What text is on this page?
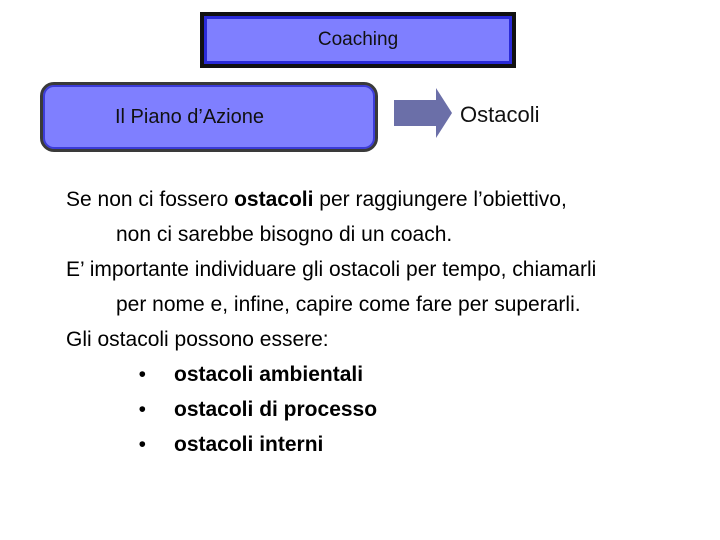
Coaching
Il Piano d’Azione	Ostacoli
Se non ci fossero ostacoli per raggiungere l’obiettivo,
non ci sarebbe bisogno di un coach.
E’ importante individuare gli ostacoli per tempo, chiamarli
per nome e, infine, capire come fare per superarli.
Gli ostacoli possono essere:
•	ostacoli ambientali
•	ostacoli di processo
•	ostacoli interni
